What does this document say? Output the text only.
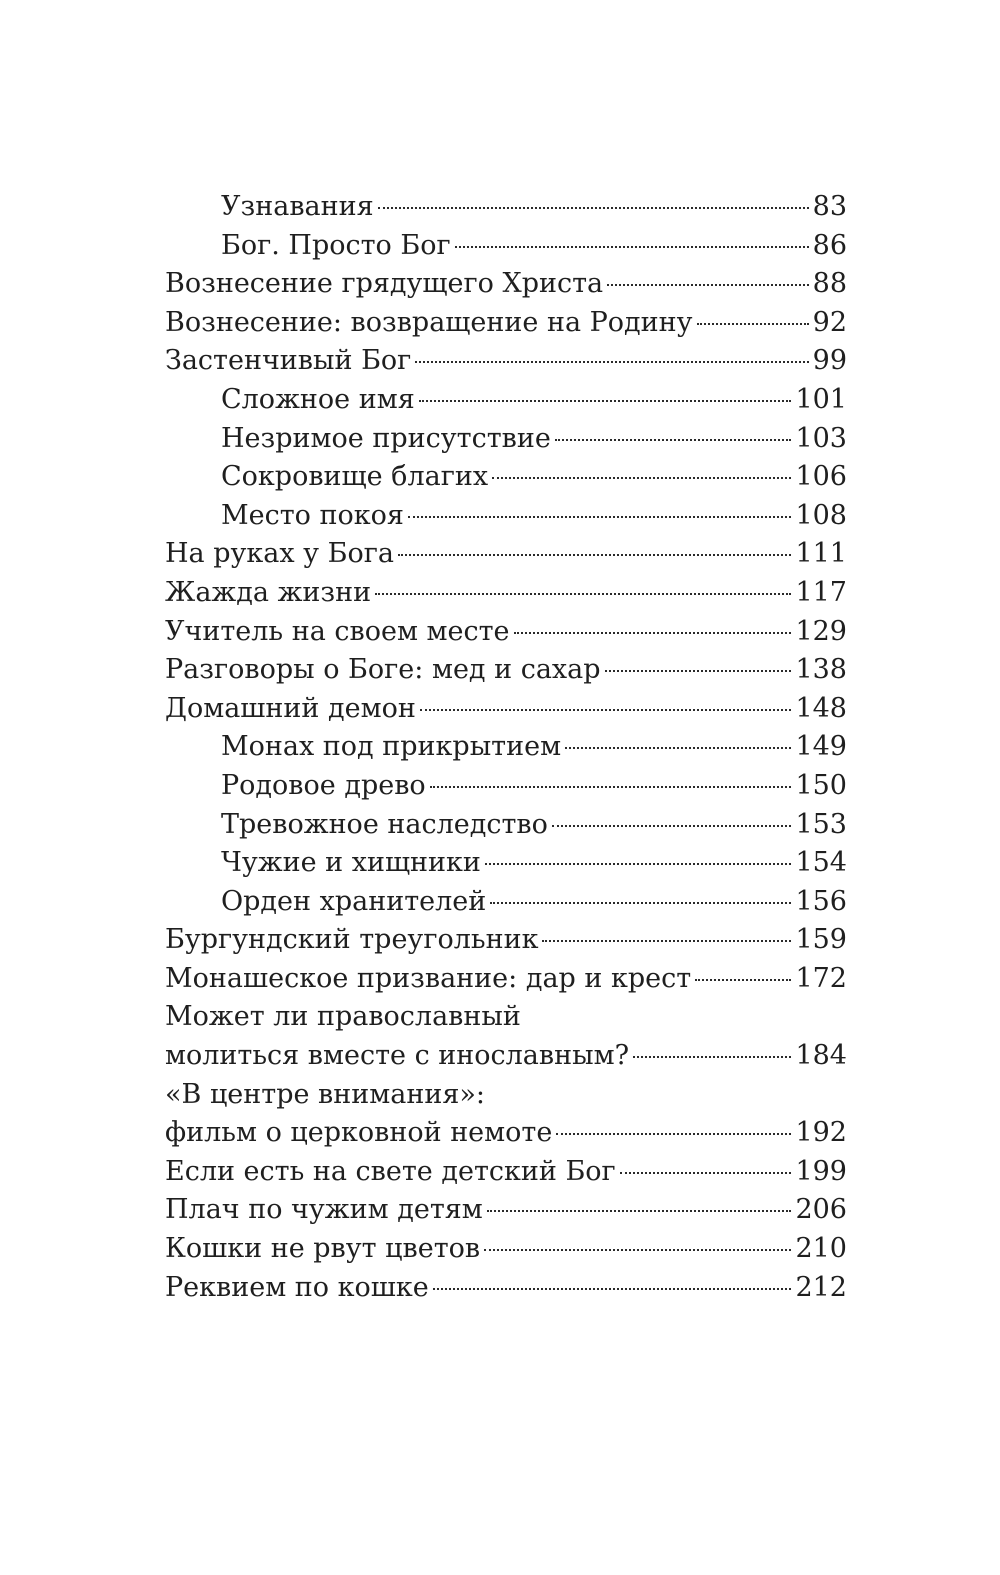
Узнавания	83
Бог. Просто Бог	86
Вознесение грядущего Христа	88
Вознесение: возвращение на Родину	92
Застенчивый Бог	99
Сложное имя	101
Незримое присутствие	103
Сокровище благих	106
Место покоя	108
На руках у Бога	111
Жажда жизни	117
Учитель на своем месте	129
Разговоры о Боге: мед и сахар	138
Домашний демон	148
Монах под прикрытием	149
Родовое древо	150
Тревожное наследство	153
Чужие и хищники	154
Орден хранителей	156
Бургундский треугольник	159
Монашеское призвание: дар и крест	172
Может ли православный
молиться вместе с инославным?	184
«В центре внимания»:
фильм о церковной немоте	192
Если есть на свете детский Бог	199
Плач по чужим детям	206
Кошки не рвут цветов	210
Реквием по кошке	212
